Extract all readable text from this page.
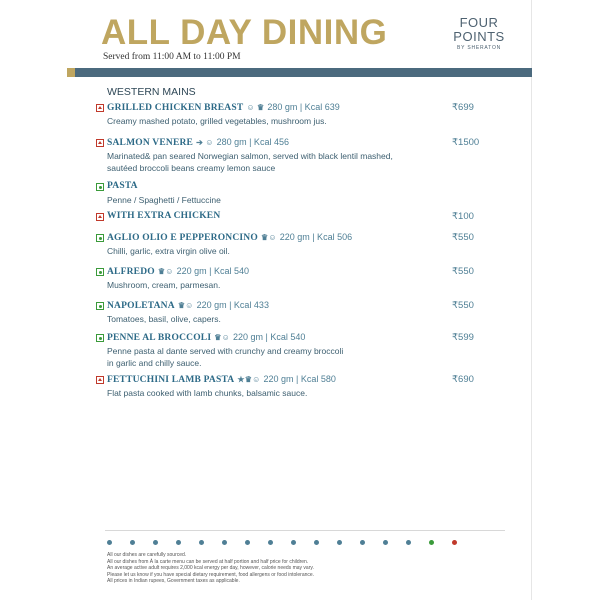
ALL DAY DINING
Served from 11:00 AM to 11:00 PM
FOUR
POINTS
BY SHERATON
WESTERN MAINS
GRILLED CHICKEN BREAST ☺ ♛ 280 gm | Kcal 639	₹699
Creamy mashed potato, grilled vegetables, mushroom jus.
SALMON VENERE ➔ ☺ 280 gm | Kcal 456	₹1500
Marinated& pan seared Norwegian salmon, served with black lentil mashed,
sautéed broccoli beans creamy lemon sauce
PASTA
Penne / Spaghetti / Fettuccine
WITH EXTRA CHICKEN	₹100
AGLIO OLIO E PEPPERONCINO ♛☺ 220 gm | Kcal 506	₹550
Chilli, garlic, extra virgin olive oil.
ALFREDO ♛☺ 220 gm | Kcal 540	₹550
Mushroom, cream, parmesan.
NAPOLETANA ♛☺ 220 gm | Kcal 433	₹550
Tomatoes, basil, olive, capers.
PENNE AL BROCCOLI ♛☺ 220 gm | Kcal 540	₹599
Penne pasta al dante served with crunchy and creamy broccoli
in garlic and chilly sauce.
FETTUCHINI LAMB PASTA ★♛☺ 220 gm | Kcal 580	₹690
Flat pasta cooked with lamb chunks, balsamic sauce.
All our dishes are carefully sourced.
All our dishes from À la carte menu can be served at half portion and half price for children.
An average active adult requires 2,000 kcal energy per day, however, calorie needs may vary.
Please let us know if you have special dietary requirement, food allergens or food intolerance.
All prices in Indian rupees, Government taxes as applicable.
